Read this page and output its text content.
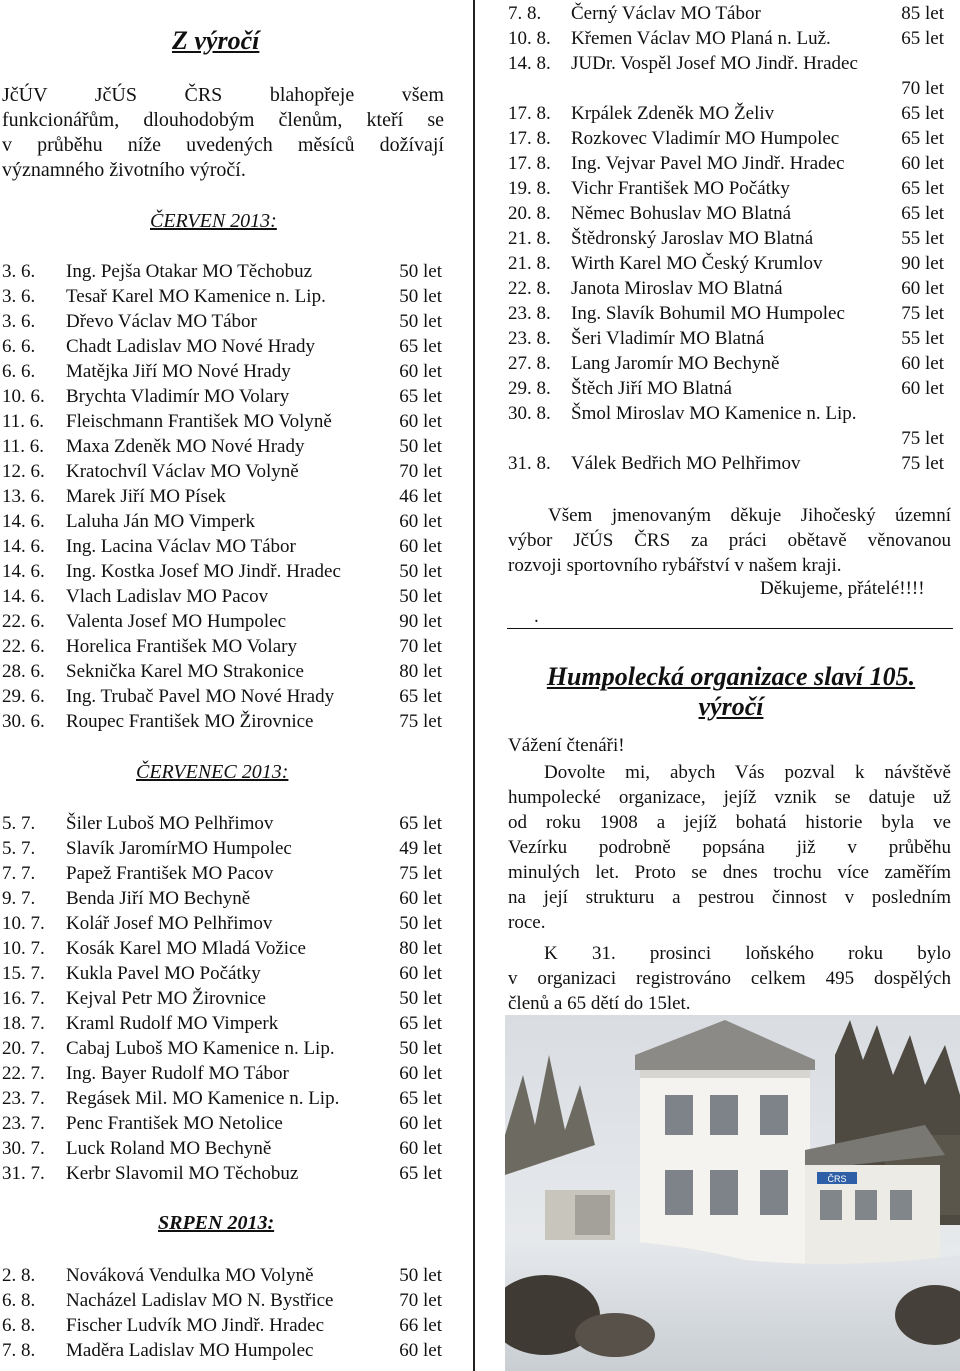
Z výročí
JčÚV JčÚS ČRS blahopřeje všem
funkcionářům, dlouhodobým členům, kteří se
v průběhu níže uvedených měsíců dožívají
významného životního výročí.
ČERVEN 2013:
3. 6. Ing. Pejša Otakar MO Těchobuz	50 let
3. 6. Tesař Karel MO Kamenice n. Lip.	50 let
3. 6. Dřevo Václav MO Tábor	50 let
6. 6. Chadt Ladislav MO Nové Hrady	65 let
6. 6. Matějka Jiří MO Nové Hrady	60 let
10. 6. Brychta Vladimír MO Volary	65 let
11. 6. Fleischmann František MO Volyně	60 let
11. 6. Maxa Zdeněk MO Nové Hrady	50 let
12. 6. Kratochvíl Václav MO Volyně	70 let
13. 6. Marek Jiří MO Písek	46 let
14. 6. Laluha Ján MO Vimperk	60 let
14. 6. Ing. Lacina Václav MO Tábor	60 let
14. 6. Ing. Kostka Josef MO Jindř. Hradec	50 let
14. 6. Vlach Ladislav MO Pacov	50 let
22. 6. Valenta Josef MO Humpolec	90 let
22. 6. Horelica František MO Volary	70 let
28. 6. Seknička Karel MO Strakonice	80 let
29. 6. Ing. Trubač Pavel MO Nové Hrady	65 let
30. 6. Roupec František MO Žirovnice	75 let
ČERVENEC 2013:
5. 7. Šiler Luboš MO Pelhřimov	65 let
5. 7. Slavík JaromírMO Humpolec	49 let
7. 7. Papež František MO Pacov	75 let
9. 7. Benda Jiří MO Bechyně	60 let
10. 7. Kolář Josef MO Pelhřimov	50 let
10. 7. Kosák Karel MO Mladá Vožice	80 let
15. 7. Kukla Pavel MO Počátky	60 let
16. 7. Kejval Petr MO Žirovnice	50 let
18. 7. Kraml Rudolf MO Vimperk	65 let
20. 7. Cabaj Luboš MO Kamenice n. Lip.	50 let
22. 7. Ing. Bayer Rudolf MO Tábor	60 let
23. 7. Regásek Mil. MO Kamenice n. Lip.	65 let
23. 7. Penc František MO Netolice	60 let
30. 7. Luck Roland MO Bechyně	60 let
31. 7. Kerbr Slavomil MO Těchobuz	65 let
SRPEN 2013:
2. 8. Nováková Vendulka MO Volyně	50 let
6. 8. Nacházel Ladislav MO N. Bystřice	70 let
6. 8. Fischer Ludvík MO Jindř. Hradec	66 let
7. 8. Maděra Ladislav MO Humpolec	60 let
7. 8. Černý Václav MO Tábor	85 let
10. 8. Křemen Václav MO Planá n. Luž.	65 let
14. 8. JUDr. Vospěl Josef MO Jindř. Hradec
70 let
17. 8. Krpálek Zdeněk MO Želiv	65 let
17. 8. Rozkovec Vladimír MO Humpolec	65 let
17. 8. Ing. Vejvar Pavel MO Jindř. Hradec	60 let
19. 8. Vichr František MO Počátky	65 let
20. 8. Němec Bohuslav MO Blatná	65 let
21. 8. Štědronský Jaroslav MO Blatná	55 let
21. 8. Wirth Karel MO Český Krumlov	90 let
22. 8. Janota Miroslav MO Blatná	60 let
23. 8. Ing. Slavík Bohumil MO Humpolec	75 let
23. 8. Šeri Vladimír MO Blatná	55 let
27. 8. Lang Jaromír MO Bechyně	60 let
29. 8. Štěch Jiří MO Blatná	60 let
30. 8. Šmol Miroslav MO Kamenice n. Lip.
75 let
31. 8. Válek Bedřich MO Pelhřimov	75 let
Všem jmenovaným děkuje Jihočeský územní
výbor JčÚS ČRS za práci obětavě věnovanou
rozvoji sportovního rybářství v našem kraji.
Děkujeme, přátelé!!!!
.
Humpolecká organizace slaví 105.
výročí
Vážení čtenáři!
Dovolte mi, abych Vás pozval k návštěvě
humpolecké organizace, jejíž vznik se datuje už
od roku 1908 a jejíž bohatá historie byla ve
Vezírku podrobně popsána již v průběhu
minulých let. Proto se dnes trochu více zaměřím
na její strukturu a pestrou činnost v posledním
roce.
K 31. prosinci loňského roku bylo
v organizaci registrováno celkem 495 dospělých
členů a 65 dětí do 15let.
ČRS
